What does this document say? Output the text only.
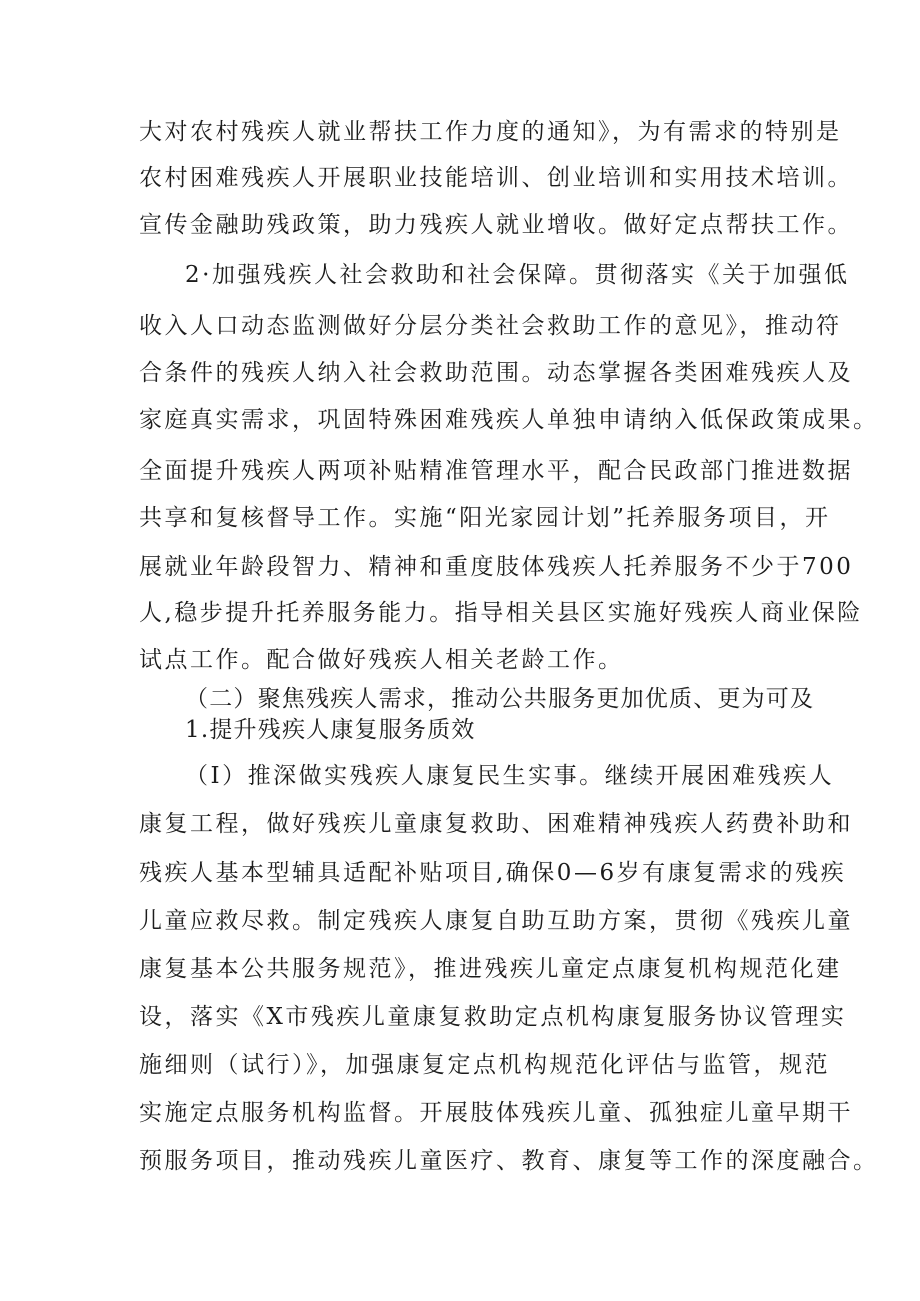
大对农村残疾人就业帮扶工作力度的通知》，为有需求的特别是
农村困难残疾人开展职业技能培训、创业培训和实用技术培训。
宣传金融助残政策，助力残疾人就业增收。做好定点帮扶工作。
2·加强残疾人社会救助和社会保障。贯彻落实《关于加强低
收入人口动态监测做好分层分类社会救助工作的意见》，推动符
合条件的残疾人纳入社会救助范围。动态掌握各类困难残疾人及
家庭真实需求，巩固特殊困难残疾人单独申请纳入低保政策成果。
全面提升残疾人两项补贴精准管理水平，配合民政部门推进数据
共享和复核督导工作。实施“阳光家园计划”托养服务项目，开
展就业年龄段智力、精神和重度肢体残疾人托养服务不少于700
人,稳步提升托养服务能力。指导相关县区实施好残疾人商业保险
试点工作。配合做好残疾人相关老龄工作。
（二）聚焦残疾人需求，推动公共服务更加优质、更为可及
1.提升残疾人康复服务质效
（I）推深做实残疾人康复民生实事。继续开展困难残疾人
康复工程，做好残疾儿童康复救助、困难精神残疾人药费补助和
残疾人基本型辅具适配补贴项目,确保0—6岁有康复需求的残疾
儿童应救尽救。制定残疾人康复自助互助方案，贯彻《残疾儿童
康复基本公共服务规范》，推进残疾儿童定点康复机构规范化建
设，落实《X市残疾儿童康复救助定点机构康复服务协议管理实
施细则（试行）》，加强康复定点机构规范化评估与监管，规范
实施定点服务机构监督。开展肢体残疾儿童、孤独症儿童早期干
预服务项目，推动残疾儿童医疗、教育、康复等工作的深度融合。
